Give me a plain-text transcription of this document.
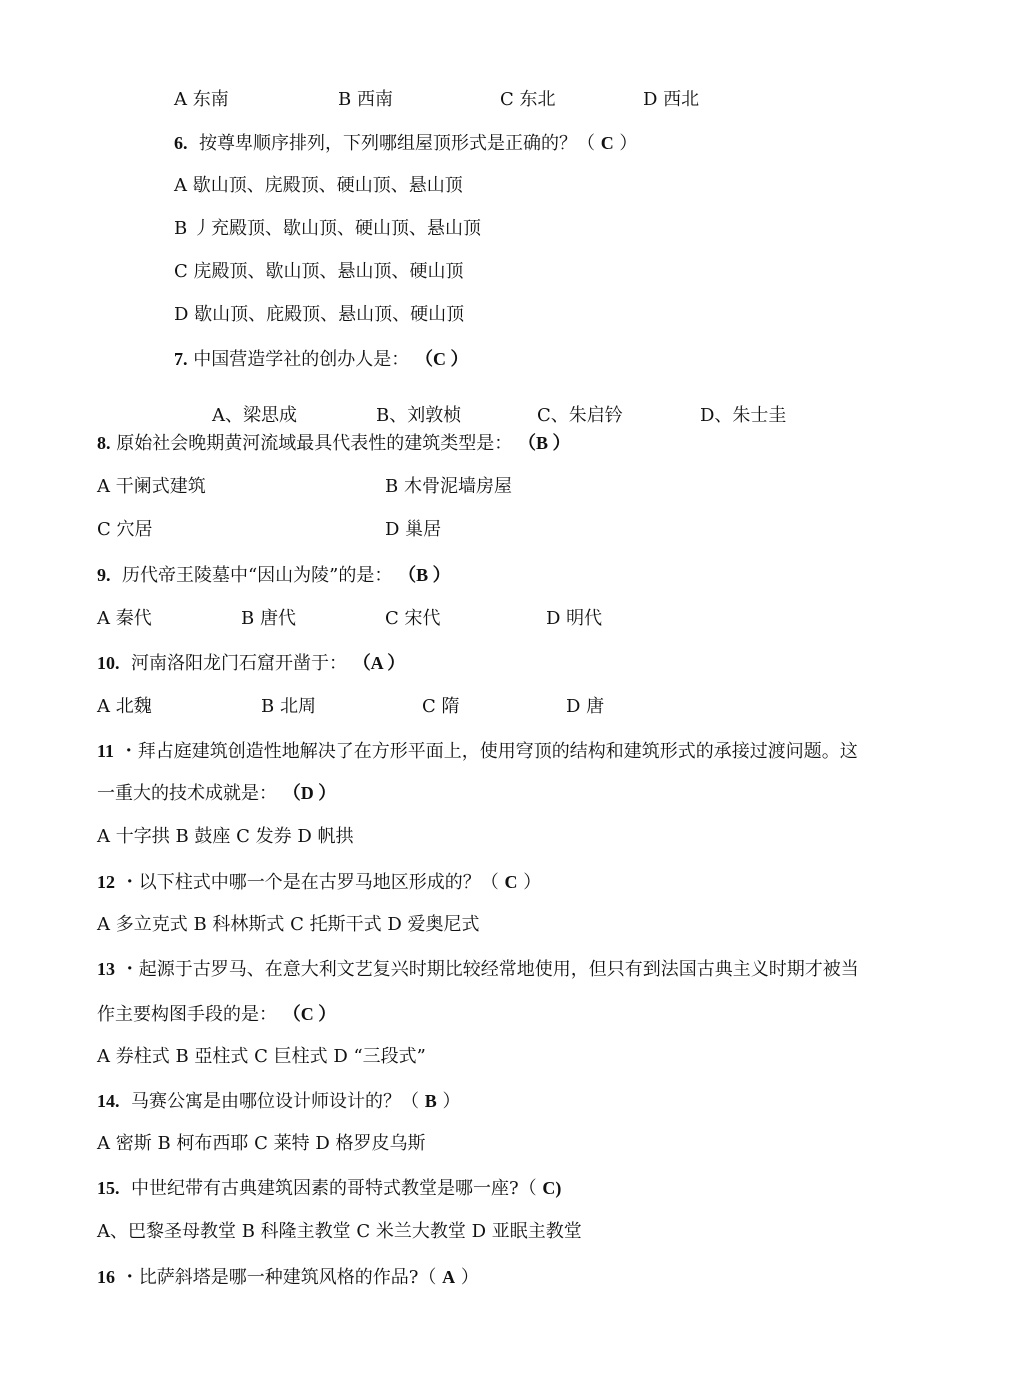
A 东南	B 西南	C 东北	D 西北
6. 按尊卑顺序排列，下列哪组屋顶形式是正确的？（ C ）
A 歇山顶、庑殿顶、硬山顶、悬山顶
B 丿充殿顶、歇山顶、硬山顶、悬山顶
C 庑殿顶、歇山顶、悬山顶、硬山顶
D 歇山顶、庇殿顶、悬山顶、硬山顶
7. 中国营造学社的创办人是： （C ）
A、梁思成	B、刘敦桢	C、朱启钤	D、朱士圭
8. 原始社会晚期黄河流域最具代表性的建筑类型是： （B ）
A 干阑式建筑	B 木骨泥墙房屋
C 穴居	D 巢居
9. 历代帝王陵墓中“因山为陵”的是： （B ）
A 秦代	B 唐代	C 宋代	D 明代
10. 河南洛阳龙门石窟开凿于： （A ）
A 北魏	B 北周	C 隋	D 唐
11 ・拜占庭建筑创造性地解决了在方形平面上，使用穹顶的结构和建筑形式的承接过渡问题。这
一重大的技术成就是： （D ）
A 十字拱 B 鼓座 C 发券 D 帆拱
12 ・以下柱式中哪一个是在古罗马地区形成的？（ C ）
A 多立克式 B 科林斯式 C 托斯干式 D 爱奥尼式
13 ・起源于古罗马、在意大利文艺复兴时期比较经常地使用，但只有到法国古典主义时期才被当
作主要构图手段的是： （C ）
A 券柱式 B 亞柱式 C 巨柱式 D “三段式”
14. 马赛公寓是由哪位设计师设计的？（ B ）
A 密斯 B 柯布西耶 C 莱特 D 格罗皮乌斯
15. 中世纪带有古典建筑因素的哥特式教堂是哪一座?（ C)
A、巴黎圣母教堂 B 科隆主教堂 C 米兰大教堂 D 亚眠主教堂
16 ・比萨斜塔是哪一种建筑风格的作品?（ A ）
